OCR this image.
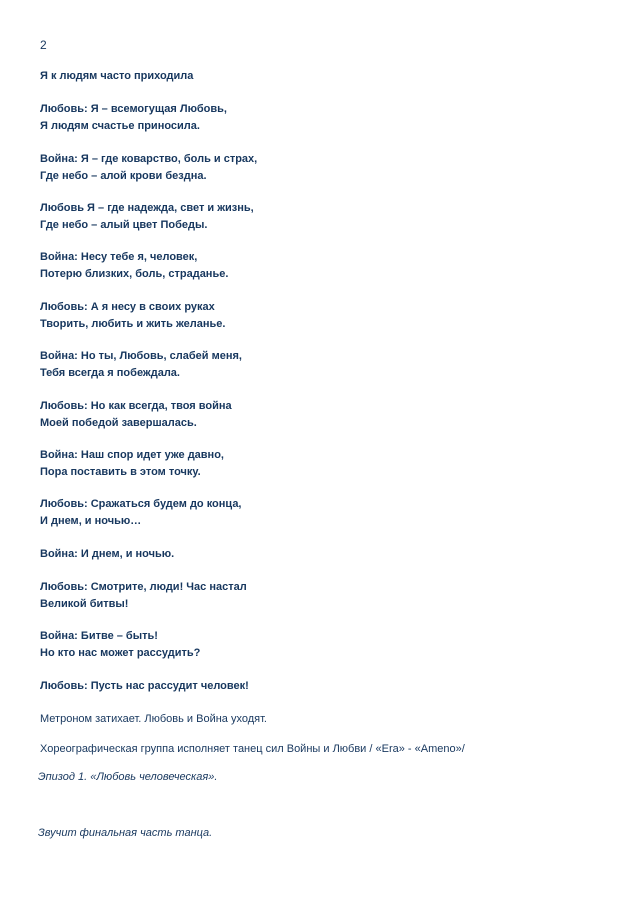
2
Я к людям часто приходила
Любовь: Я – всемогущая Любовь,
Я людям счастье приносила.
Война: Я – где коварство, боль и страх,
Где небо – алой крови бездна.
Любовь Я – где надежда, свет и жизнь,
Где небо – алый цвет Победы.
Война: Несу тебе я, человек,
Потерю близких, боль, страданье.
Любовь: А я несу в своих руках
Творить, любить и жить желанье.
Война: Но ты, Любовь, слабей меня,
Тебя всегда я побеждала.
Любовь: Но как всегда, твоя война
Моей победой завершалась.
Война: Наш спор идет уже давно,
Пора поставить в этом точку.
Любовь: Сражаться будем до конца,
И днем, и ночью…
Война: И днем, и ночью.
Любовь: Смотрите, люди! Час настал
Великой битвы!
Война: Битве – быть!
Но кто нас может рассудить?
Любовь: Пусть нас рассудит человек!
Метроном затихает. Любовь и Война уходят.
Хореографическая группа исполняет танец сил Войны и Любви / «Era» - «Ameno»/
Эпизод 1. «Любовь человеческая».
Звучит финальная часть танца.
